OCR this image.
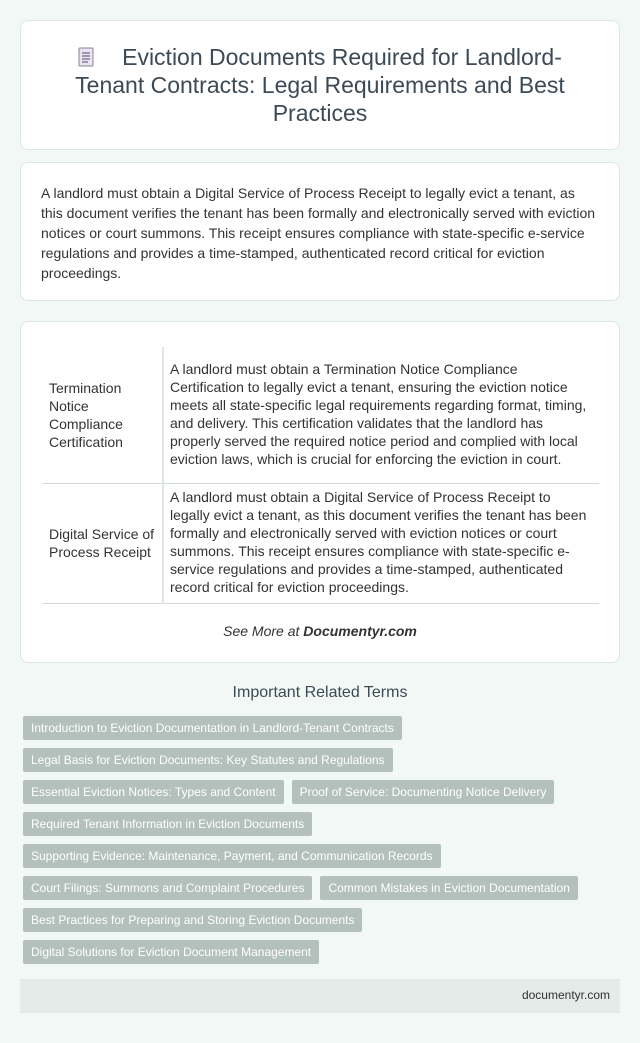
Eviction Documents Required for Landlord-Tenant Contracts: Legal Requirements and Best Practices

A landlord must obtain a Digital Service of Process Receipt to legally evict a tenant, as this document verifies the tenant has been formally and electronically served with eviction notices or court summons. This receipt ensures compliance with state-specific e-service regulations and provides a time-stamped, authenticated record critical for eviction proceedings.

Termination Notice Compliance Certification	A landlord must obtain a Termination Notice Compliance Certification to legally evict a tenant, ensuring the eviction notice meets all state-specific legal requirements regarding format, timing, and delivery. This certification validates that the landlord has properly served the required notice period and complied with local eviction laws, which is crucial for enforcing the eviction in court.
Digital Service of Process Receipt	A landlord must obtain a Digital Service of Process Receipt to legally evict a tenant, as this document verifies the tenant has been formally and electronically served with eviction notices or court summons. This receipt ensures compliance with state-specific e-service regulations and provides a time-stamped, authenticated record critical for eviction proceedings.
See More at Documentyr.com
Important Related Terms
Introduction to Eviction Documentation in Landlord-Tenant Contracts
Legal Basis for Eviction Documents: Key Statutes and Regulations
Essential Eviction Notices: Types and Content	Proof of Service: Documenting Notice Delivery
Required Tenant Information in Eviction Documents
Supporting Evidence: Maintenance, Payment, and Communication Records
Court Filings: Summons and Complaint Procedures	Common Mistakes in Eviction Documentation
Best Practices for Preparing and Storing Eviction Documents
Digital Solutions for Eviction Document Management
documentyr.com
